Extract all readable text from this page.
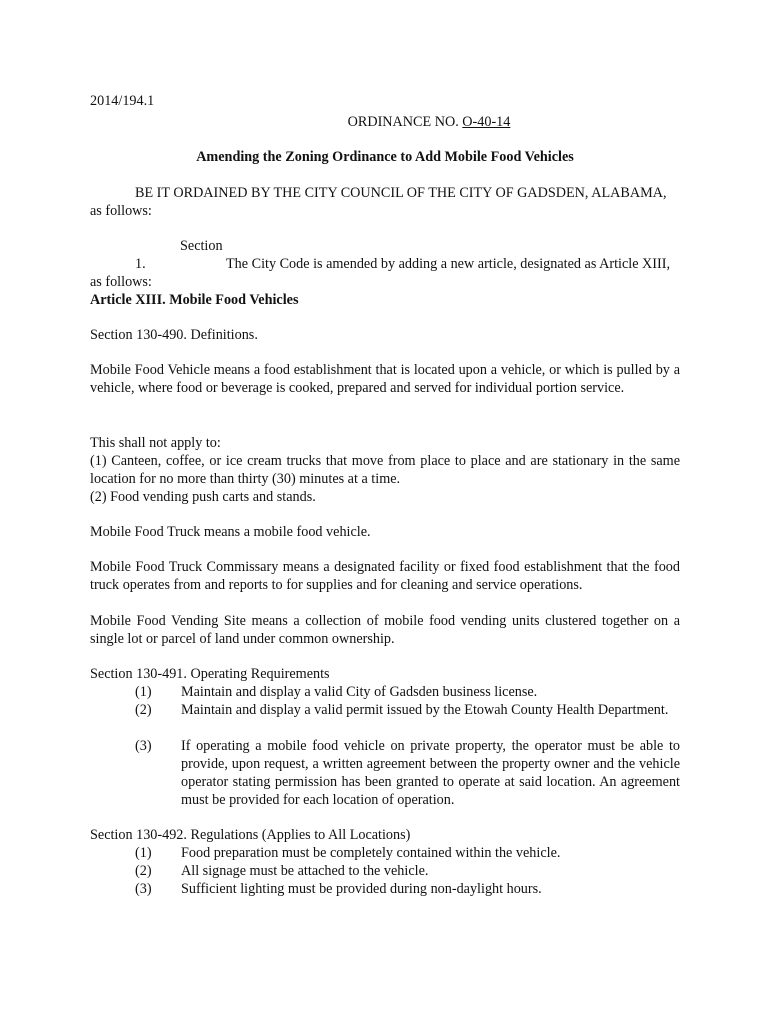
2014/194.1

ORDINANCE NO. O-40-14

Amending the Zoning Ordinance to Add Mobile Food Vehicles

BE IT ORDAINED BY THE CITY COUNCIL OF THE CITY OF GADSDEN, ALABAMA, as follows:

Section 1.	The City Code is amended by adding a new article, designated as Article XIII, as follows:

Article XIII. Mobile Food Vehicles

Section 130-490. Definitions.

Mobile Food Vehicle means a food establishment that is located upon a vehicle, or which is pulled by a vehicle, where food or beverage is cooked, prepared and served for individual portion service.

This shall not apply to:
(1) Canteen, coffee, or ice cream trucks that move from place to place and are stationary in the same location for no more than thirty (30) minutes at a time.
(2) Food vending push carts and stands.

Mobile Food Truck means a mobile food vehicle.

Mobile Food Truck Commissary means a designated facility or fixed food establishment that the food truck operates from and reports to for supplies and for cleaning and service operations.

Mobile Food Vending Site means a collection of mobile food vending units clustered together on a single lot or parcel of land under common ownership.

Section 130-491. Operating Requirements

(1)	Maintain and display a valid City of Gadsden business license.
(2)	Maintain and display a valid permit issued by the Etowah County Health Department.
(3)	If operating a mobile food vehicle on private property, the operator must be able to provide, upon request, a written agreement between the property owner and the vehicle operator stating permission has been granted to operate at said location. An agreement must be provided for each location of operation.

Section 130-492. Regulations (Applies to All Locations)

(1)	Food preparation must be completely contained within the vehicle.
(2)	All signage must be attached to the vehicle.
(3)	Sufficient lighting must be provided during non-daylight hours.
